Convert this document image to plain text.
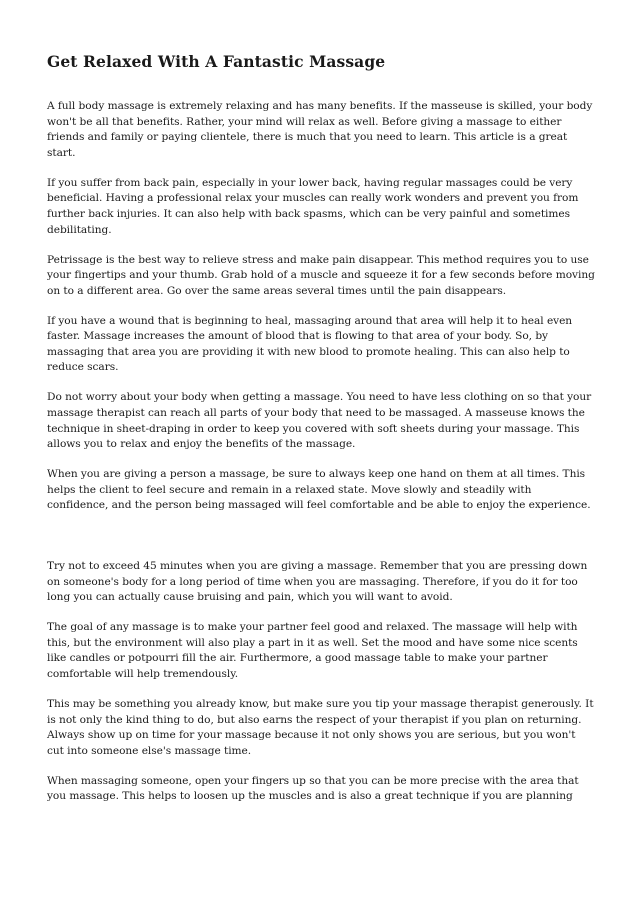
Get Relaxed With A Fantastic Massage

A full body massage is extremely relaxing and has many benefits. If the masseuse is skilled, your body won't be all that benefits. Rather, your mind will relax as well. Before giving a massage to either friends and family or paying clientele, there is much that you need to learn. This article is a great start.

If you suffer from back pain, especially in your lower back, having regular massages could be very beneficial. Having a professional relax your muscles can really work wonders and prevent you from further back injuries. It can also help with back spasms, which can be very painful and sometimes debilitating.

Petrissage is the best way to relieve stress and make pain disappear. This method requires you to use your fingertips and your thumb. Grab hold of a muscle and squeeze it for a few seconds before moving on to a different area. Go over the same areas several times until the pain disappears.

If you have a wound that is beginning to heal, massaging around that area will help it to heal even faster. Massage increases the amount of blood that is flowing to that area of your body. So, by massaging that area you are providing it with new blood to promote healing. This can also help to reduce scars.

Do not worry about your body when getting a massage. You need to have less clothing on so that your massage therapist can reach all parts of your body that need to be massaged. A masseuse knows the technique in sheet-draping in order to keep you covered with soft sheets during your massage. This allows you to relax and enjoy the benefits of the massage.

When you are giving a person a massage, be sure to always keep one hand on them at all times. This helps the client to feel secure and remain in a relaxed state. Move slowly and steadily with confidence, and the person being massaged will feel comfortable and be able to enjoy the experience.

Try not to exceed 45 minutes when you are giving a massage. Remember that you are pressing down on someone's body for a long period of time when you are massaging. Therefore, if you do it for too long you can actually cause bruising and pain, which you will want to avoid.

The goal of any massage is to make your partner feel good and relaxed. The massage will help with this, but the environment will also play a part in it as well. Set the mood and have some nice scents like candles or potpourri fill the air. Furthermore, a good massage table to make your partner comfortable will help tremendously.

This may be something you already know, but make sure you tip your massage therapist generously. It is not only the kind thing to do, but also earns the respect of your therapist if you plan on returning. Always show up on time for your massage because it not only shows you are serious, but you won't cut into someone else's massage time.

When massaging someone, open your fingers up so that you can be more precise with the area that you massage. This helps to loosen up the muscles and is also a great technique if you are planning
